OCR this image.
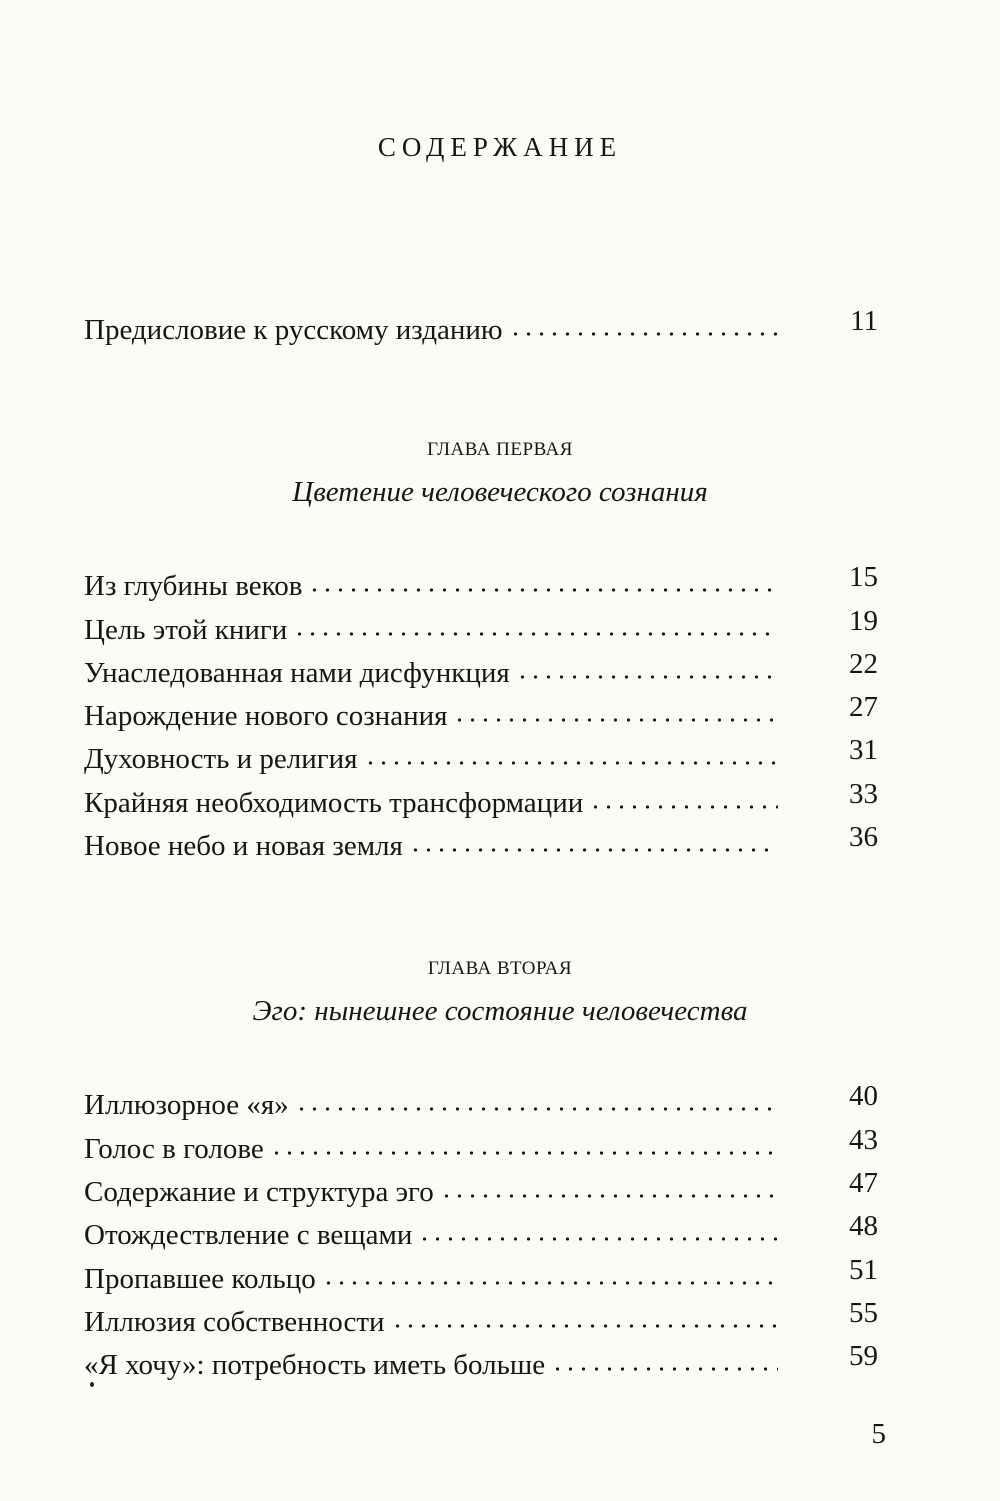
СОДЕРЖАНИЕ
Предисловие к русскому изданию	11
ГЛАВА ПЕРВАЯ
Цветение человеческого сознания
Из глубины веков	15
Цель этой книги	19
Унаследованная нами дисфункция	22
Нарождение нового сознания	27
Духовность и религия	31
Крайняя необходимость трансформации	33
Новое небо и новая земля	36
ГЛАВА ВТОРАЯ
Эго: нынешнее состояние человечества
Иллюзорное «я»	40
Голос в голове	43
Содержание и структура эго	47
Отождествление с вещами	48
Пропавшее кольцо	51
Иллюзия собственности	55
«Я хочу»: потребность иметь больше	59
5
